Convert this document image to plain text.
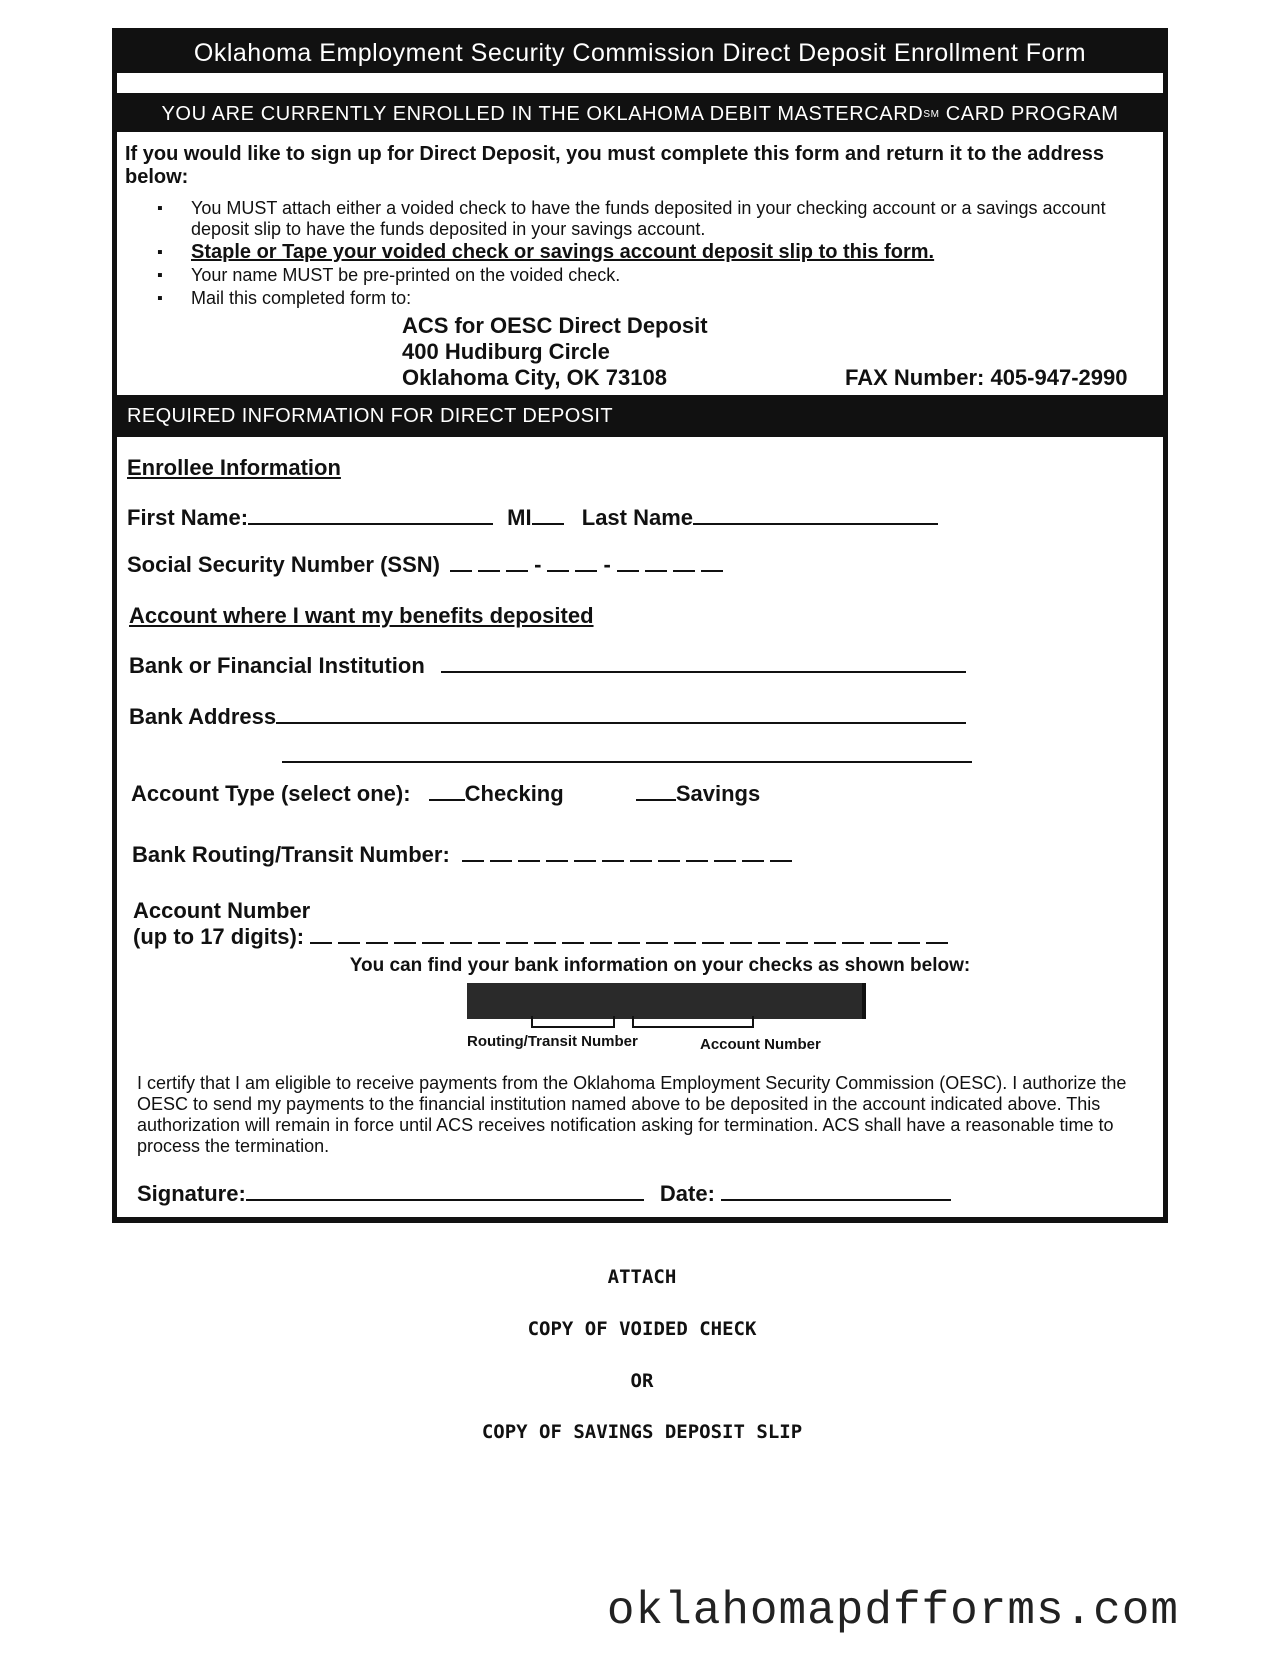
Oklahoma Employment Security Commission Direct Deposit Enrollment Form
YOU ARE CURRENTLY ENROLLED IN THE OKLAHOMA DEBIT MASTERCARD SM
CARD PROGRAM
If you would like to sign up for Direct Deposit, you must complete this form and return it to the address below:
▪ You MUST attach either a voided check to have the funds deposited in your checking account or a savings account deposit slip to have the funds deposited in your savings account.
▪ Staple or Tape your voided check or savings account deposit slip to this form.
▪ Your name MUST be pre-printed on the voided check.
▪ Mail this completed form to:
ACS for OESC Direct Deposit
400 Hudiburg Circle
Oklahoma City, OK 73108	FAX Number: 405-947-2990
REQUIRED INFORMATION FOR DIRECT DEPOSIT
Enrollee Information
First Name:	MI Last Name
Social Security Number (SSN)	-	-
Account where I want my benefits deposited
Bank or Financial Institution
Bank Address
Account Type (select one): Checking	Savings
Bank Routing/Transit Number:
Account Number
(up to 17 digits):
You can find your bank information on your checks as shown below:
Routing/Transit Number	Account Number
I certify that I am eligible to receive payments from the Oklahoma Employment Security Commission (OESC). I authorize the OESC to send my payments to the financial institution named above to be deposited in the account indicated above. This authorization will remain in force until ACS receives notification asking for termination. ACS shall have a reasonable time to process the termination.
Signature:	Date:
ATTACH
COPY OF VOIDED CHECK
OR
COPY OF SAVINGS DEPOSIT SLIP
oklahomapdfforms.com
